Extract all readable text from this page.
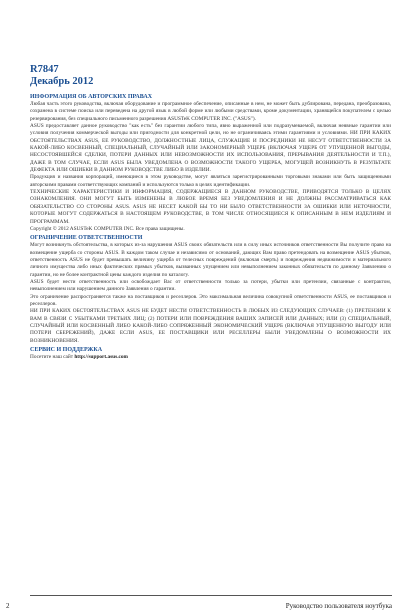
R7847
Декабрь 2012
ИНФОРМАЦИЯ ОБ АВТОРСКИХ ПРАВАХ

Любая часть этого руководства, включая оборудование и программное обеспечение, описанные в нем, не может быть дублирована, передана, преобразована, сохранена в системе поиска или переведена на другой язык в любой форме или любыми средствами, кроме документации, хранящейся покупателем с целью резервирования, без специального письменного разрешения ASUSTeK COMPUTER INC. ("ASUS").

ASUS предоставляет данное руководство "как есть" без гарантии любого типа, явно выраженной или подразумеваемой, включая неявные гарантии или условия получения коммерческой выгоды или пригодности для конкретной цели, но не ограничиваясь этими гарантиями и условиями. НИ ПРИ КАКИХ ОБСТОЯТЕЛЬСТВАХ ASUS, ЕЕ РУКОВОДСТВО, ДОЛЖНОСТНЫЕ ЛИЦА, СЛУЖАЩИЕ И ПОСРЕДНИКИ НЕ НЕСУТ ОТВЕТСТВЕННОСТИ ЗА КАКОЙ-ЛИБО КОСВЕННЫЙ, СПЕЦИАЛЬНЫЙ, СЛУЧАЙНЫЙ ИЛИ ЗАКОНОМЕРНЫЙ УЩЕРБ (ВКЛЮЧАЯ УЩЕРБ ОТ УПУЩЕННОЙ ВЫГОДЫ, НЕСОСТОЯВШЕЙСЯ СДЕЛКИ, ПОТЕРИ ДАННЫХ ИЛИ НЕВОЗМОЖНОСТИ ИХ ИСПОЛЬЗОВАНИЯ, ПРЕРЫВАНИЯ ДЕЯТЕЛЬНОСТИ И Т.П.), ДАЖЕ В ТОМ СЛУЧАЕ, ЕСЛИ ASUS БЫЛА УВЕДОМЛЕНА О ВОЗМОЖНОСТИ ТАКОГО УЩЕРБА, МОГУЩЕЙ ВОЗНИКНУТЬ В РЕЗУЛЬТАТЕ ДЕФЕКТА ИЛИ ОШИБКИ В ДАННОМ РУКОВОДСТВЕ ЛИБО В ИЗДЕЛИИ.

Продукция и названия корпораций, имеющиеся в этом руководстве, могут являться зарегистрированными торговыми знаками или быть защищенными авторскими правами соответствующих компаний и используются только в целях идентификации.

ТЕХНИЧЕСКИЕ ХАРАКТЕРИСТИКИ И ИНФОРМАЦИЯ, СОДЕРЖАЩИЕСЯ В ДАННОМ РУКОВОДСТВЕ, ПРИВОДЯТСЯ ТОЛЬКО В ЦЕЛЯХ ОЗНАКОМЛЕНИЯ. ОНИ МОГУТ БЫТЬ ИЗМЕНЕНЫ В ЛЮБОЕ ВРЕМЯ БЕЗ УВЕДОМЛЕНИЯ И НЕ ДОЛЖНЫ РАССМАТРИВАТЬСЯ КАК ОБЯЗАТЕЛЬСТВО СО СТОРОНЫ ASUS. ASUS НЕ НЕСЕТ КАКОЙ БЫ ТО НИ БЫЛО ОТВЕТСТВЕННОСТИ ЗА ОШИБКИ ИЛИ НЕТОЧНОСТИ, КОТОРЫЕ МОГУТ СОДЕРЖАТЬСЯ В НАСТОЯЩЕМ РУКОВОДСТВЕ, В ТОМ ЧИСЛЕ ОТНОСЯЩИЕСЯ К ОПИСАННЫМ В НЕМ ИЗДЕЛИЯМ И ПРОГРАММАМ.

Copyright © 2012 ASUSTeK COMPUTER INC. Все права защищены.

ОГРАНИЧЕНИЕ ОТВЕТСТВЕННОСТИ

Могут возникнуть обстоятельства, в которых из-за нарушения ASUS своих обязательств или в силу иных источников ответственности Вы получите право на возмещение ущерба со стороны ASUS. В каждом таком случае и независимо от оснований, дающих Вам право претендовать на возмещение ASUS убытков, ответственность ASUS не будет превышать величину ущерба от телесных повреждений (включая смерть) и повреждения недвижимости и материального личного имущества либо иных фактических прямых убытков, вызванных упущением или невыполнением законных обязательств по данному Заявлению о гарантии, но не более контрактной цены каждого изделия по каталогу.

ASUS будет нести ответственность или освобождает Вас от ответственности только за потери, убытки или претензии, связанные с контрактом, невыполнением или нарушением данного Заявления о гарантии.

Это ограничение распространяется также на поставщиков и реселлеров. Это максимальная величина совокупной ответственности ASUS, ее поставщиков и реселлеров.

НИ ПРИ КАКИХ ОБСТОЯТЕЛЬСТВАХ ASUS НЕ БУДЕТ НЕСТИ ОТВЕТСТВЕННОСТЬ В ЛЮБЫХ ИЗ СЛЕДУЮЩИХ СЛУЧАЕВ: (1) ПРЕТЕНЗИИ К ВАМ В СВЯЗИ С УБЫТКАМИ ТРЕТЬИХ ЛИЦ; (2) ПОТЕРИ ИЛИ ПОВРЕЖДЕНИЯ ВАШИХ ЗАПИСЕЙ ИЛИ ДАННЫХ; ИЛИ (3) СПЕЦИАЛЬНЫЙ, СЛУЧАЙНЫЙ ИЛИ КОСВЕННЫЙ ЛИБО КАКОЙ-ЛИБО СОПРЯЖЕННЫЙ ЭКОНОМИЧЕСКИЙ УЩЕРБ (ВКЛЮЧАЯ УПУЩЕННУЮ ВЫГОДУ ИЛИ ПОТЕРИ СБЕРЕЖЕНИЙ), ДАЖЕ ЕСЛИ ASUS, ЕЕ ПОСТАВЩИКИ ИЛИ РЕСЕЛЛЕРЫ БЫЛИ УВЕДОМЛЕНЫ О ВОЗМОЖНОСТИ ИХ ВОЗНИКНОВЕНИЯ.

СЕРВИС И ПОДДЕРЖКА
Посетите наш сайт http://support.asus.com
2	Руководство пользователя ноутбука
